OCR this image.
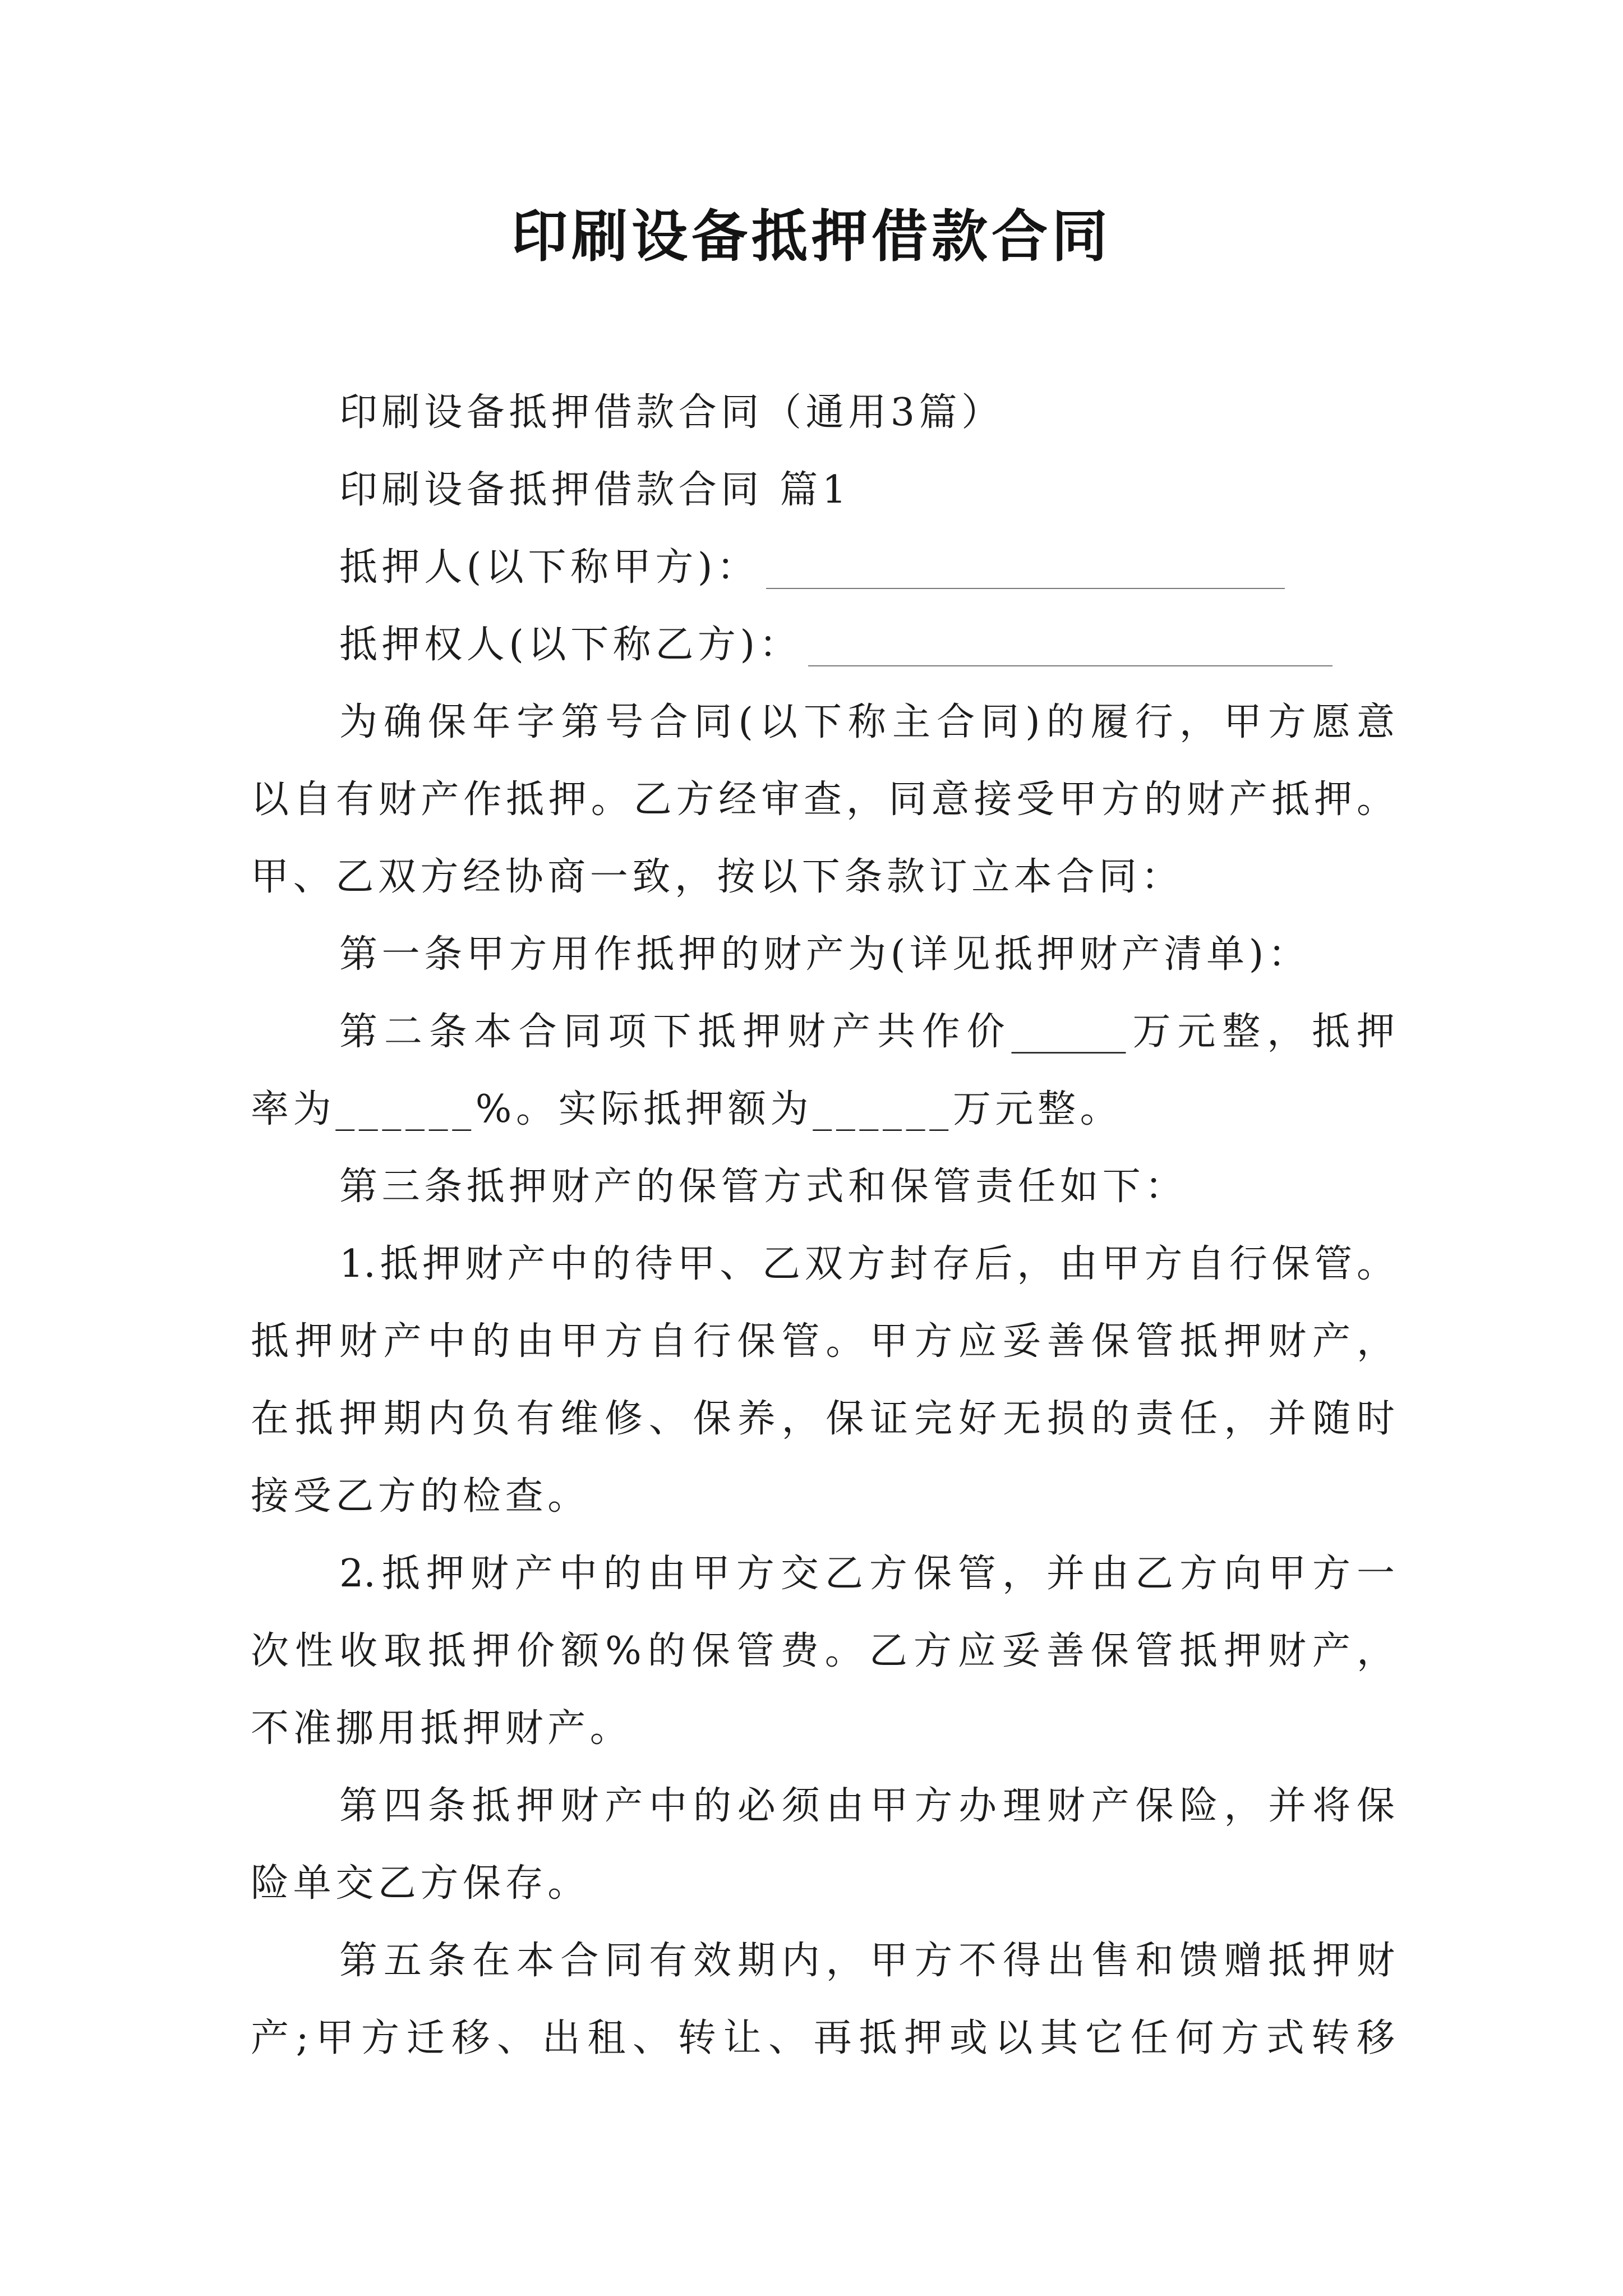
印刷设备抵押借款合同
印刷设备抵押借款合同（通用3篇）
印刷设备抵押借款合同 篇1
抵押人(以下称甲方)：
抵押权人(以下称乙方)：
为确保年字第号合同(以下称主合同)的履行，甲方愿意
以自有财产作抵押。乙方经审查，同意接受甲方的财产抵押。
甲、乙双方经协商一致，按以下条款订立本合同：
第一条甲方用作抵押的财产为(详见抵押财产清单)：
第二条本合同项下抵押财产共作价______万元整，抵押
率为______%。实际抵押额为______万元整。
第三条抵押财产的保管方式和保管责任如下：
1.抵押财产中的待甲、乙双方封存后，由甲方自行保管。
抵押财产中的由甲方自行保管。甲方应妥善保管抵押财产，
在抵押期内负有维修、保养，保证完好无损的责任，并随时
接受乙方的检查。
2.抵押财产中的由甲方交乙方保管，并由乙方向甲方一
次性收取抵押价额%的保管费。乙方应妥善保管抵押财产，
不准挪用抵押财产。
第四条抵押财产中的必须由甲方办理财产保险，并将保
险单交乙方保存。
第五条在本合同有效期内，甲方不得出售和馈赠抵押财
产;甲方迁移、出租、转让、再抵押或以其它任何方式转移
